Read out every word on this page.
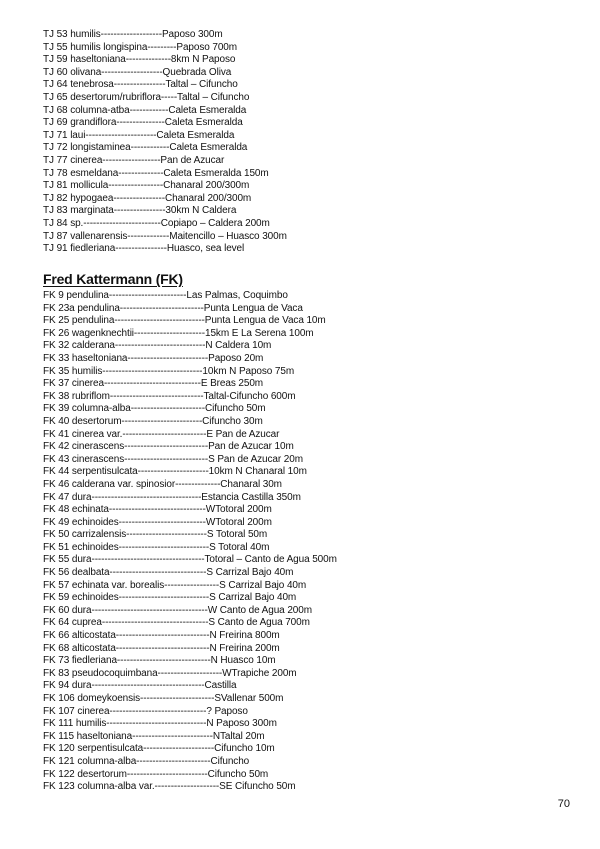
TJ 53 humilis-------------------Paposo 300m
TJ 55 humilis longispina---------Paposo 700m
TJ 59 haseltoniana--------------8km N Paposo
TJ 60 olivana-------------------Quebrada Oliva
TJ 64 tenebrosa----------------Taltal – Cifuncho
TJ 65 desertorum/rubriflora-----Taltal – Cifuncho
TJ 68 columna-atba------------Caleta Esmeralda
TJ 69 grandiflora---------------Caleta Esmeralda
TJ 71 laui----------------------Caleta Esmeralda
TJ 72 longistaminea------------Caleta Esmeralda
TJ 77 cinerea------------------Pan de Azucar
TJ 78 esmeldana--------------Caleta Esmeralda 150m
TJ 81 mollicula-----------------Chanaral 200/300m
TJ 82 hypogaea----------------Chanaral 200/300m
TJ 83 marginata----------------30km N Caldera
TJ 84 sp.------------------------Copiapo – Caldera 200m
TJ 87 vallenarensis-------------Maitencillo – Huasco 300m
TJ 91 fiedleriana----------------Huasco, sea level
Fred Kattermann (FK)
FK 9 pendulina------------------------Las Palmas, Coquimbo
FK 23a pendulina--------------------------Punta Lengua de Vaca
FK 25 pendulina----------------------------Punta Lengua de Vaca 10m
FK 26 wagenknechtii----------------------15km E La Serena 100m
FK 32 calderana----------------------------N Caldera 10m
FK 33 haseltoniana-------------------------Paposo 20m
FK 35 humilis-------------------------------10km N Paposo 75m
FK 37 cinerea------------------------------E Breas 250m
FK 38 rubriflom-----------------------------Taltal-Cifuncho 600m
FK 39 columna-alba-----------------------Cifuncho 50m
FK 40 desertorum-------------------------Cifuncho 30m
FK 41 cinerea var.--------------------------E Pan de Azucar
FK 42 cinerascens--------------------------Pan de Azucar 10m
FK 43 cinerascens--------------------------S Pan de Azucar 20m
FK 44 serpentisulcata----------------------10km N Chanaral 10m
FK 46 calderana var. spinosior--------------Chanaral 30m
FK 47 dura----------------------------------Estancia Castilla 350m
FK 48 echinata------------------------------WTotoral 200m
FK 49 echinoides---------------------------WTotoral 200m
FK 50 carrizalensis-------------------------S Totoral 50m
FK 51 echinoides----------------------------S Totoral 40m
FK 55 dura-----------------------------------Totoral – Canto de Agua 500m
FK 56 dealbata------------------------------S Carrizal Bajo 40m
FK 57 echinata var. borealis-----------------S Carrizal Bajo 40m
FK 59 echinoides----------------------------S Carrizal Bajo 40m
FK 60 dura------------------------------------W Canto de Agua 200m
FK 64 cuprea---------------------------------S Canto de Agua 700m
FK 66 alticostata-----------------------------N Freirina 800m
FK 68 alticostata-----------------------------N Freirina 200m
FK 73 fiedleriana-----------------------------N Huasco 10m
FK 83 pseudocoquimbana--------------------WTrapiche 200m
FK 94 dura-----------------------------------Castilla
FK 106 domeykoensis-----------------------SVallenar 500m
FK 107 cinerea------------------------------? Paposo
FK 111 humilis-------------------------------N Paposo 300m
FK 115 haseltoniana-------------------------NTaltal 20m
FK 120 serpentisulcata----------------------Cifuncho 10m
FK 121 columna-alba-----------------------Cifuncho
FK 122 desertorum-------------------------Cifuncho 50m
FK 123 columna-alba var.--------------------SE Cifuncho 50m
70
